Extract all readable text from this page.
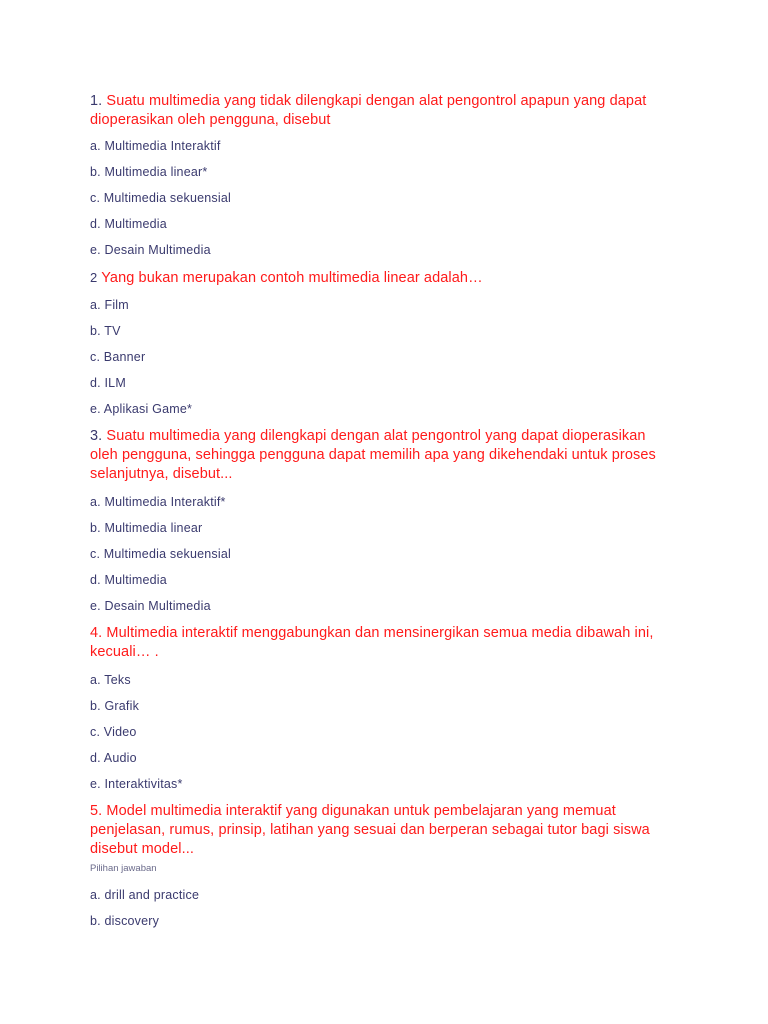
1. Suatu multimedia yang tidak dilengkapi dengan alat pengontrol apapun yang dapat
dioperasikan oleh pengguna, disebut
a. Multimedia Interaktif
b. Multimedia linear*
c. Multimedia sekuensial
d. Multimedia
e. Desain Multimedia
2 Yang bukan merupakan contoh multimedia linear adalah…
a. Film
b. TV
c. Banner
d. ILM
e. Aplikasi Game*
3. Suatu multimedia yang dilengkapi dengan alat pengontrol yang dapat dioperasikan
oleh pengguna, sehingga pengguna dapat memilih apa yang dikehendaki untuk proses
selanjutnya, disebut...
a. Multimedia Interaktif*
b. Multimedia linear
c. Multimedia sekuensial
d. Multimedia
e. Desain Multimedia
4. Multimedia interaktif menggabungkan dan mensinergikan semua media dibawah ini,
kecuali… .
a. Teks
b. Grafik
c. Video
d. Audio
e. Interaktivitas*
5. Model multimedia interaktif yang digunakan untuk pembelajaran yang memuat
penjelasan, rumus, prinsip, latihan yang sesuai dan berperan sebagai tutor bagi siswa
disebut model...
Pilihan jawaban
a. drill and practice
b. discovery
